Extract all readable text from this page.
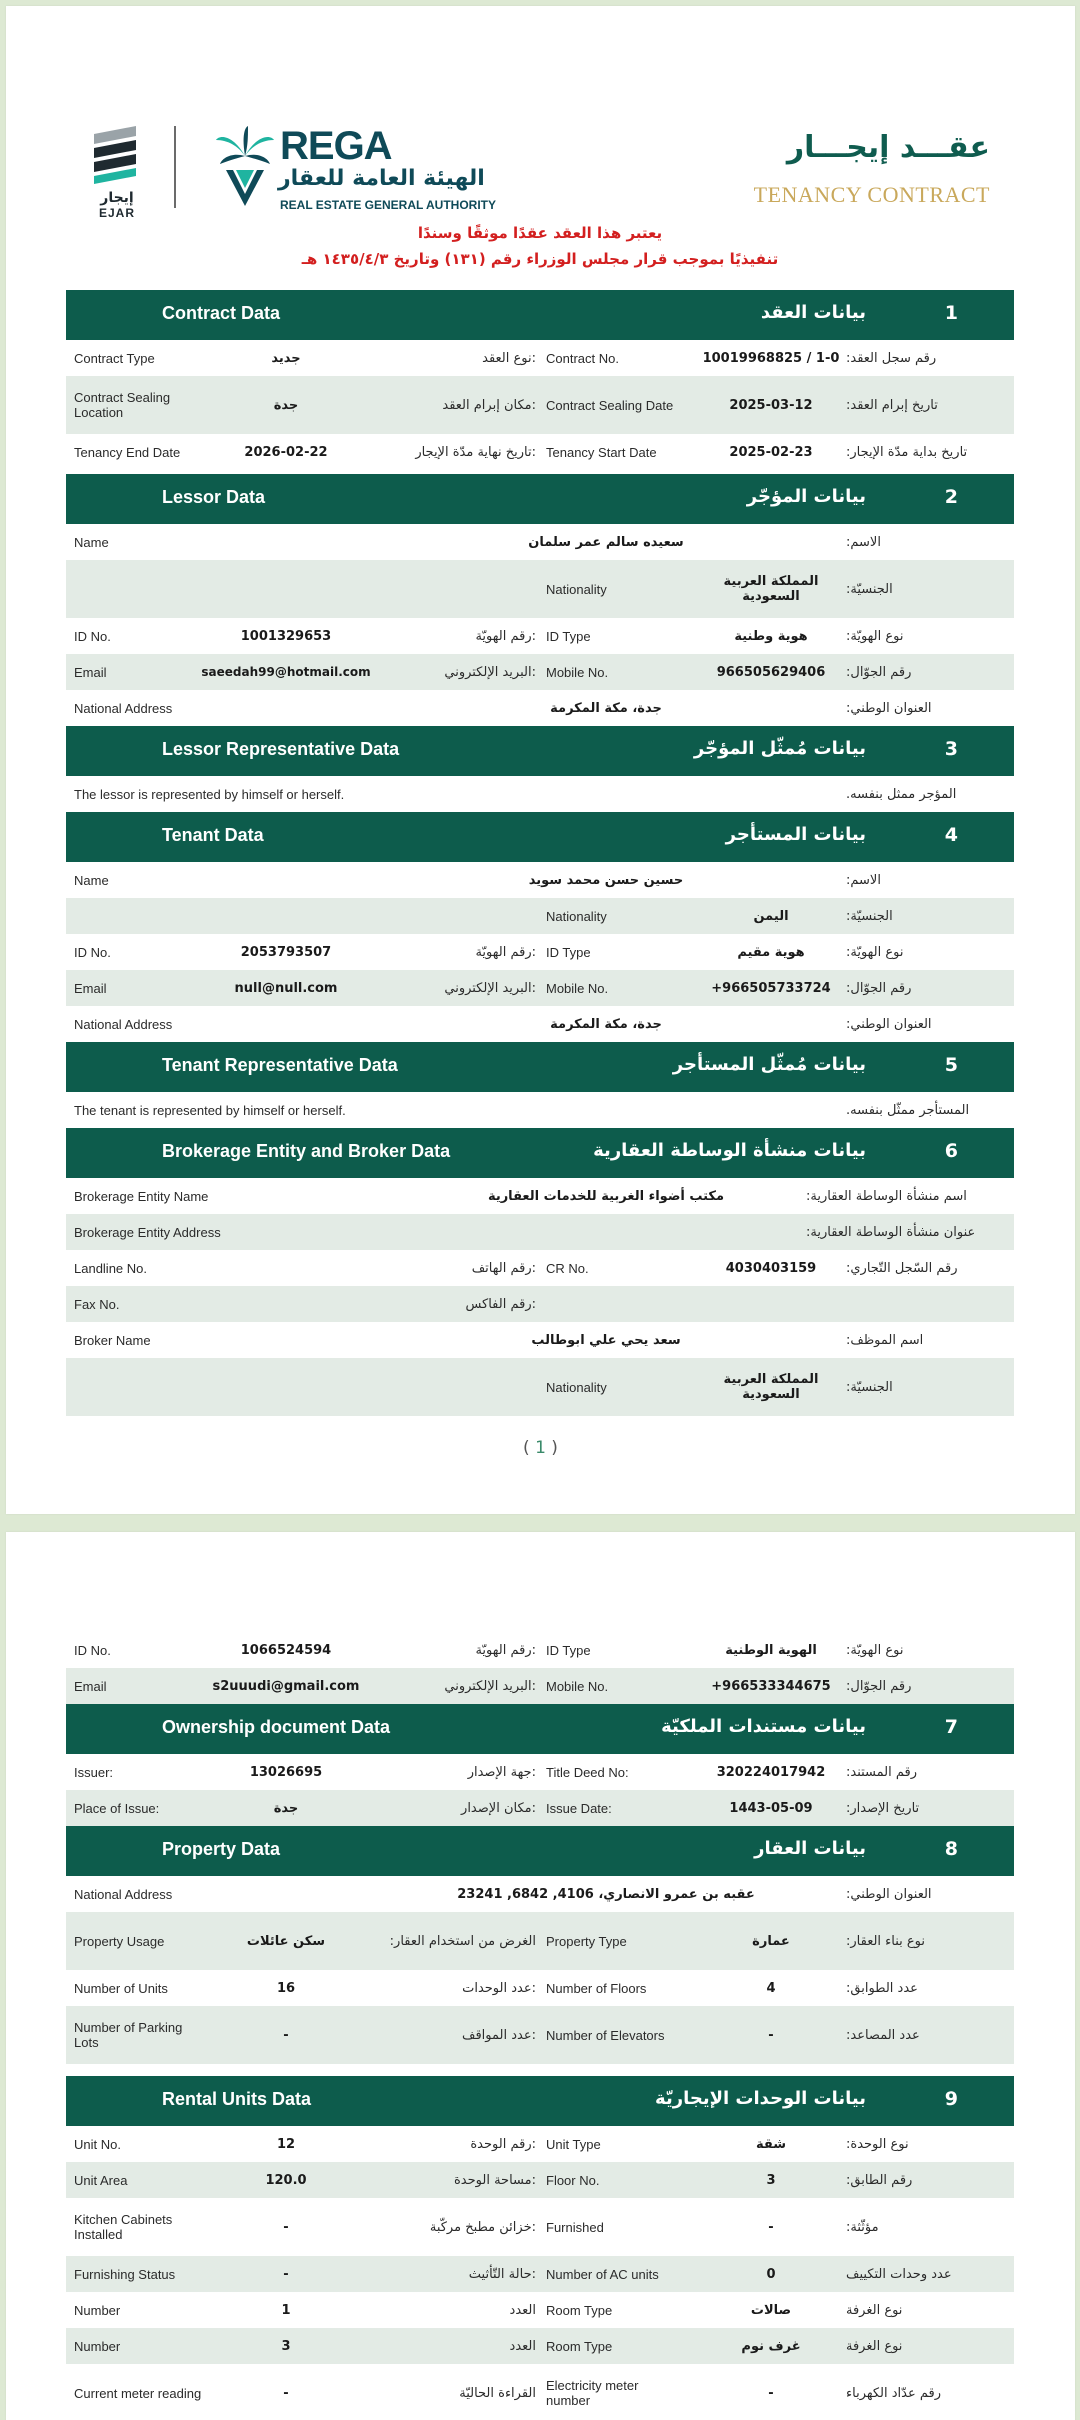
إيجار
EJAR
REGA
الهيئة العامة للعقار
REAL ESTATE GENERAL AUTHORITY
عقـــد إيجـــار
TENANCY CONTRACT
يعتبر هذا العقد عقدًا موثقًا وسندًا
تنفيذيًا بموجب قرار مجلس الوزراء رقم (١٣١) وتاريخ ١٤٣٥/٤/٣ هـ
Contract Data	بيانات العقد	1
Contract Type	جديد	نوع العقد: Contract No.	10019968825 / 1-0 رقم سجل العقد:
Contract Sealing Location	جدة	مكان إبرام العقد: Contract Sealing Date	2025-03-12	تاريخ إبرام العقد:
Tenancy End Date	2026-02-22	تاريخ نهاية مدّة الإيجار: Tenancy Start Date	2025-02-23	تاريخ بداية مدّة الإيجار:
Lessor Data	بيانات المؤجّر	2
Name	سعيده سالم عمر سلمان	الاسم:
Nationality	المملكة العربية السعودية	الجنسيّة:
ID No.	1001329653	رقم الهويّة: ID Type	هوية وطنية	نوع الهويّة:
Email	saeedah99@hotmail.com	البريد الإلكتروني: Mobile No.	966505629406	رقم الجوّال:
National Address	جدة، مكة المكرمة	العنوان الوطني:
Lessor Representative Data	بيانات مُمثّل المؤجّر	3
The lessor is represented by himself or herself.	المؤجر ممثل بنفسه.
Tenant Data	بيانات المستأجر	4
Name	حسين حسن محمد سويد	الاسم:
Nationality	اليمن	الجنسيّة:
ID No.	2053793507	رقم الهويّة: ID Type	هوية مقيم	نوع الهويّة:
Email	null@null.com	البريد الإلكتروني: Mobile No.	+966505733724	رقم الجوّال:
National Address	جدة، مكة المكرمة	العنوان الوطني:
Tenant Representative Data	بيانات مُمثّل المستأجر	5
The tenant is represented by himself or herself.	المستأجر ممثّل بنفسه.
Brokerage Entity and Broker Data	بيانات منشأة الوساطة العقارية	6
Brokerage Entity Name	مكتب أضواء الغربية للخدمات العقارية	اسم منشأة الوساطة العقارية:
Brokerage Entity Address	عنوان منشأة الوساطة العقارية:
Landline No.	رقم الهاتف: CR No.	4030403159	رقم السّجل التّجاري:
Fax No.	رقم الفاكس:
Broker Name	سعد يحي علي ابوطالب	اسم الموظف:
Nationality	المملكة العربية السعودية	الجنسيّة:
( 1 )
ID No.	1066524594	رقم الهويّة: ID Type	الهوية الوطنية	نوع الهويّة:
Email	s2uuudi@gmail.com	البريد الإلكتروني: Mobile No.	+966533344675	رقم الجوّال:
Ownership document Data	بيانات مستندات الملكيّة	7
Issuer:	13026695	جهة الإصدار: Title Deed No:	320224017942	رقم المستند:
Place of Issue:	جدة	مكان الإصدار: Issue Date:	1443-05-09	تاريخ الإصدار:
Property Data	بيانات العقار	8
National Address	عقبه بن عمرو الانصاري، 4106, 6842, 23241	العنوان الوطني:
Property Usage	سكن عائلات	الغرض من استخدام العقار: Property Type	عمارة	نوع بناء العقار:
Number of Units	16	عدد الوحدات: Number of Floors	4	عدد الطوابق:
Number of Parking Lots	-	عدد المواقف: Number of Elevators	-	عدد المصاعد:
Rental Units Data	بيانات الوحدات الإيجاريّة	9
Unit No.	12	رقم الوحدة: Unit Type	شقة	نوع الوحدة:
Unit Area	120.0	مساحة الوحدة: Floor No.	3	رقم الطابق:
Kitchen Cabinets Installed	-	خزائن مطبخ مركّبة: Furnished	-	مؤثّثة:
Furnishing Status	-	حالة التّأثيث: Number of AC units	0	عدد وحدات التكييف
Number	1	العدد Room Type	صالات	نوع الغرفة
Number	3	العدد Room Type	غرف نوم	نوع الغرفة
Current meter reading	-	القراءة الحاليّة Electricity meter number	-	رقم عدّاد الكهرباء
